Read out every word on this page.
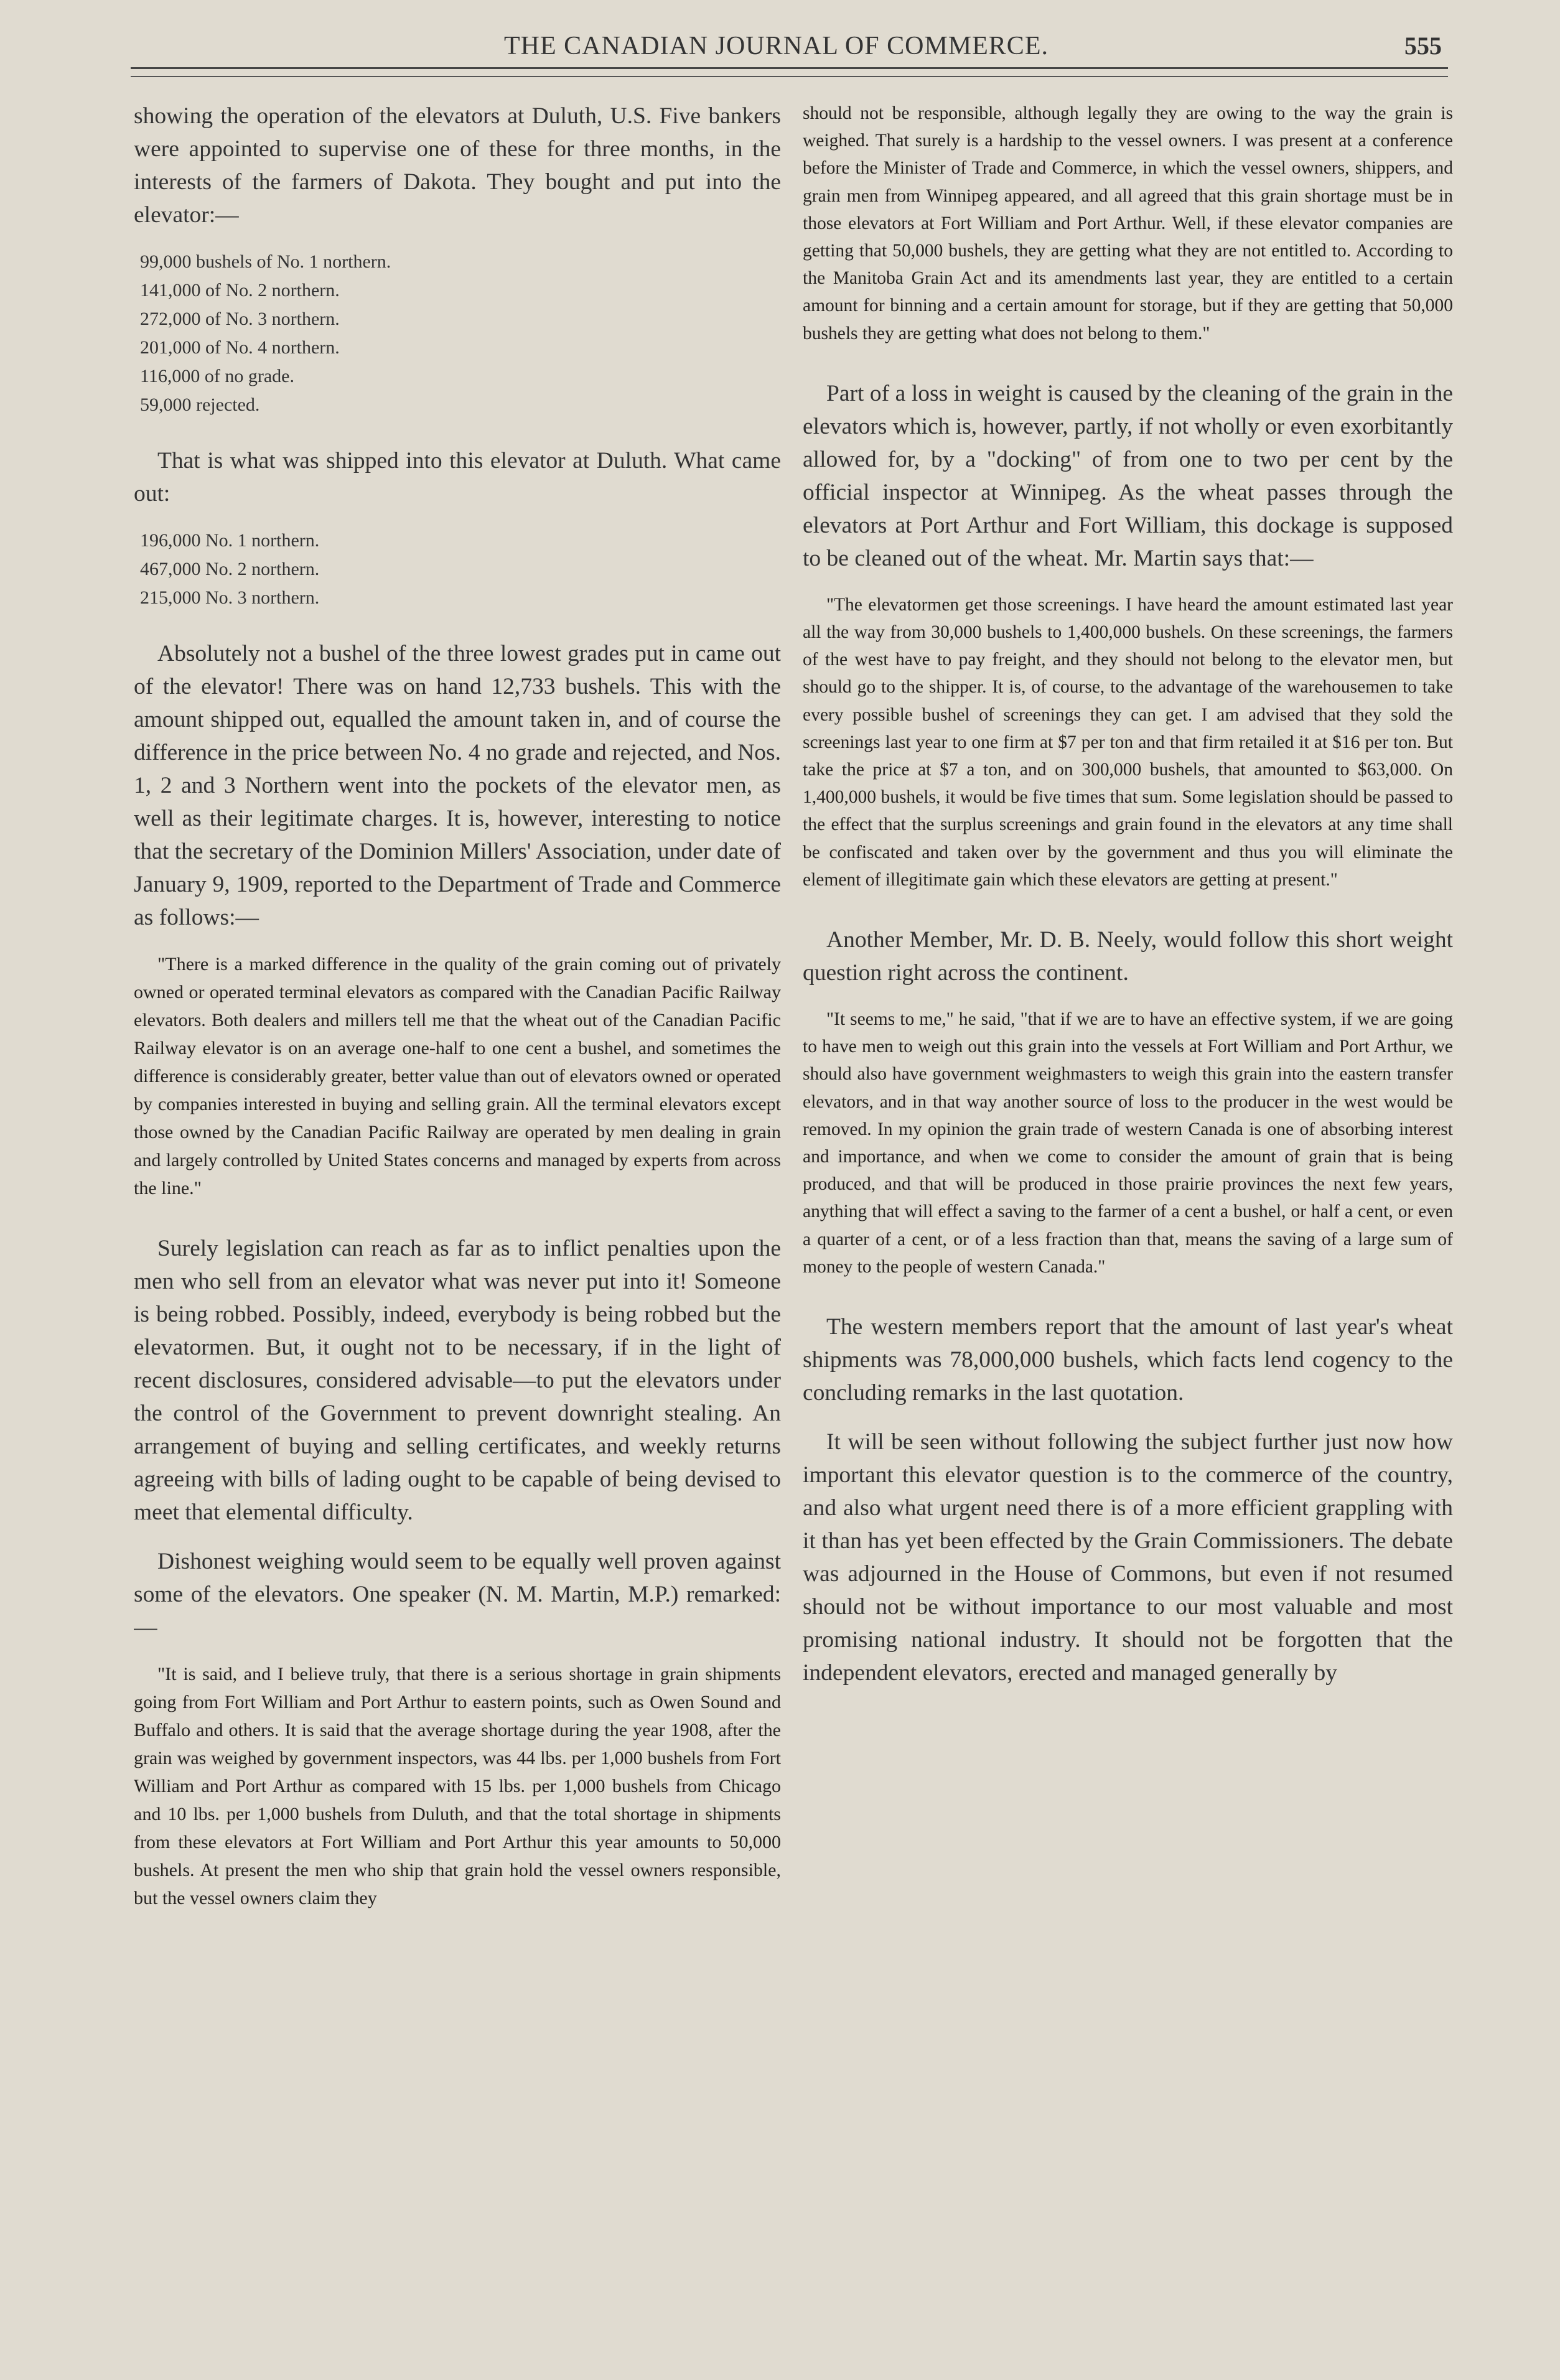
THE CANADIAN JOURNAL OF COMMERCE.	555

showing the operation of the elevators at Duluth, U.S. Five bankers were appointed to supervise one of these for three months, in the interests of the farmers of Dakota. They bought and put into the elevator:—

99,000 bushels of No. 1 northern.
141,000 of No. 2 northern.
272,000 of No. 3 northern.
201,000 of No. 4 northern.
116,000 of no grade.
59,000 rejected.

That is what was shipped into this elevator at Duluth. What came out:

196,000 No. 1 northern.
467,000 No. 2 northern.
215,000 No. 3 northern.

Absolutely not a bushel of the three lowest grades put in came out of the elevator! There was on hand 12,733 bushels. This with the amount shipped out, equalled the amount taken in, and of course the difference in the price between No. 4 no grade and rejected, and Nos. 1, 2 and 3 Northern went into the pockets of the elevator men, as well as their legitimate charges. It is, however, interesting to notice that the secretary of the Dominion Millers' Association, under date of January 9, 1909, reported to the Department of Trade and Commerce as follows:—

"There is a marked difference in the quality of the grain coming out of privately owned or operated terminal elevators as compared with the Canadian Pacific Railway elevators. Both dealers and millers tell me that the wheat out of the Canadian Pacific Railway elevator is on an average one-half to one cent a bushel, and sometimes the difference is considerably greater, better value than out of elevators owned or operated by companies interested in buying and selling grain. All the terminal elevators except those owned by the Canadian Pacific Railway are operated by men dealing in grain and largely controlled by United States concerns and managed by experts from across the line."

Surely legislation can reach as far as to inflict penalties upon the men who sell from an elevator what was never put into it! Someone is being robbed. Possibly, indeed, everybody is being robbed but the elevatormen. But, it ought not to be necessary, if in the light of recent disclosures, considered advisable—to put the elevators under the control of the Government to prevent downright stealing. An arrangement of buying and selling certificates, and weekly returns agreeing with bills of lading ought to be capable of being devised to meet that elemental difficulty.

Dishonest weighing would seem to be equally well proven against some of the elevators. One speaker (N. M. Martin, M.P.) remarked:—

"It is said, and I believe truly, that there is a serious shortage in grain shipments going from Fort William and Port Arthur to eastern points, such as Owen Sound and Buffalo and others. It is said that the average shortage during the year 1908, after the grain was weighed by government inspectors, was 44 lbs. per 1,000 bushels from Fort William and Port Arthur as compared with 15 lbs. per 1,000 bushels from Chicago and 10 lbs. per 1,000 bushels from Duluth, and that the total shortage in shipments from these elevators at Fort William and Port Arthur this year amounts to 50,000 bushels. At present the men who ship that grain hold the vessel owners responsible, but the vessel owners claim they
should not be responsible, although legally they are owing to the way the grain is weighed. That surely is a hardship to the vessel owners. I was present at a conference before the Minister of Trade and Commerce, in which the vessel owners, shippers, and grain men from Winnipeg appeared, and all agreed that this grain shortage must be in those elevators at Fort William and Port Arthur. Well, if these elevator companies are getting that 50,000 bushels, they are getting what they are not entitled to. According to the Manitoba Grain Act and its amendments last year, they are entitled to a certain amount for binning and a certain amount for storage, but if they are getting that 50,000 bushels they are getting what does not belong to them."

Part of a loss in weight is caused by the cleaning of the grain in the elevators which is, however, partly, if not wholly or even exorbitantly allowed for, by a "docking" of from one to two per cent by the official inspector at Winnipeg. As the wheat passes through the elevators at Port Arthur and Fort William, this dockage is supposed to be cleaned out of the wheat. Mr. Martin says that:—

"The elevatormen get those screenings. I have heard the amount estimated last year all the way from 30,000 bushels to 1,400,000 bushels. On these screenings, the farmers of the west have to pay freight, and they should not belong to the elevator men, but should go to the shipper. It is, of course, to the advantage of the warehousemen to take every possible bushel of screenings they can get. I am advised that they sold the screenings last year to one firm at $7 per ton and that firm retailed it at $16 per ton. But take the price at $7 a ton, and on 300,000 bushels, that amounted to $63,000. On 1,400,000 bushels, it would be five times that sum. Some legislation should be passed to the effect that the surplus screenings and grain found in the elevators at any time shall be confiscated and taken over by the government and thus you will eliminate the element of illegitimate gain which these elevators are getting at present."

Another Member, Mr. D. B. Neely, would follow this short weight question right across the continent.

"It seems to me," he said, "that if we are to have an effective system, if we are going to have men to weigh out this grain into the vessels at Fort William and Port Arthur, we should also have government weighmasters to weigh this grain into the eastern transfer elevators, and in that way another source of loss to the producer in the west would be removed. In my opinion the grain trade of western Canada is one of absorbing interest and importance, and when we come to consider the amount of grain that is being produced, and that will be produced in those prairie provinces the next few years, anything that will effect a saving to the farmer of a cent a bushel, or half a cent, or even a quarter of a cent, or of a less fraction than that, means the saving of a large sum of money to the people of western Canada."

The western members report that the amount of last year's wheat shipments was 78,000,000 bushels, which facts lend cogency to the concluding remarks in the last quotation.

It will be seen without following the subject further just now how important this elevator question is to the commerce of the country, and also what urgent need there is of a more efficient grappling with it than has yet been effected by the Grain Commissioners. The debate was adjourned in the House of Commons, but even if not resumed should not be without importance to our most valuable and most promising national industry. It should not be forgotten that the independent elevators, erected and managed generally by
